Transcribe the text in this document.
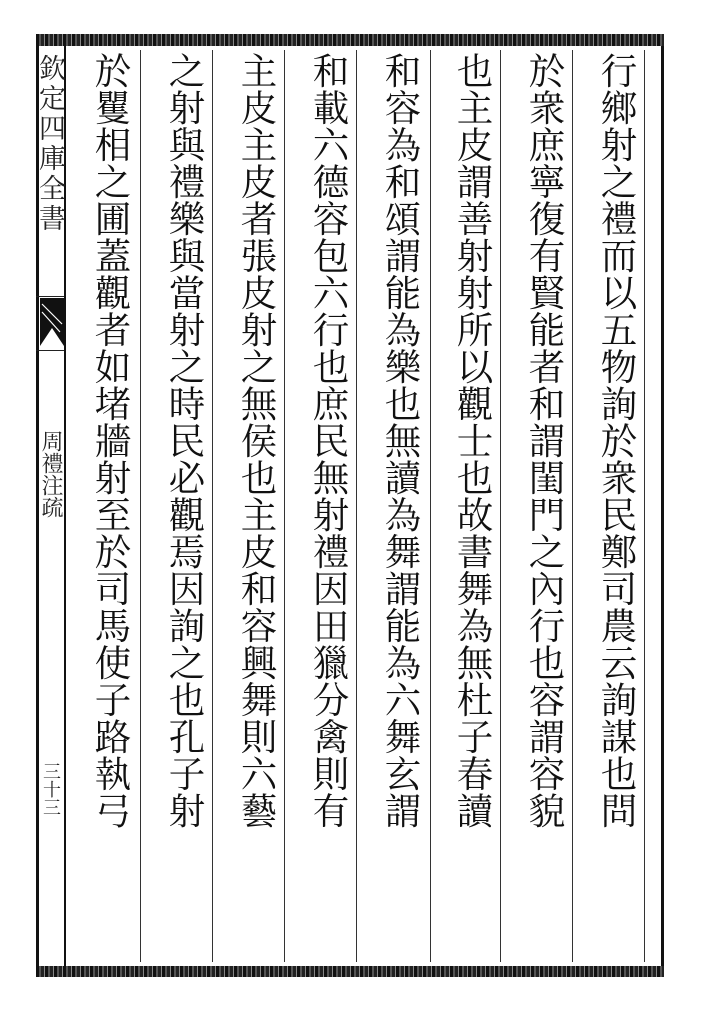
欽定四庫全書
周禮注疏
三十三	行鄉射之禮而以五物詢於衆民鄭司農云詢謀也問
於衆庶寧復有賢能者和謂閨門之內行也容謂容貌
也主皮謂善射射所以觀士也故書舞為無杜子春讀
和容為和頌謂能為樂也無讀為舞謂能為六舞玄謂
和載六德容包六行也庶民無射禮因田獵分禽則有
主皮主皮者張皮射之無侯也主皮和容興舞則六藝
之射與禮樂與當射之時民必觀焉因詢之也孔子射
於矍相之圃蓋觀者如堵牆射至於司馬使子路執弓
